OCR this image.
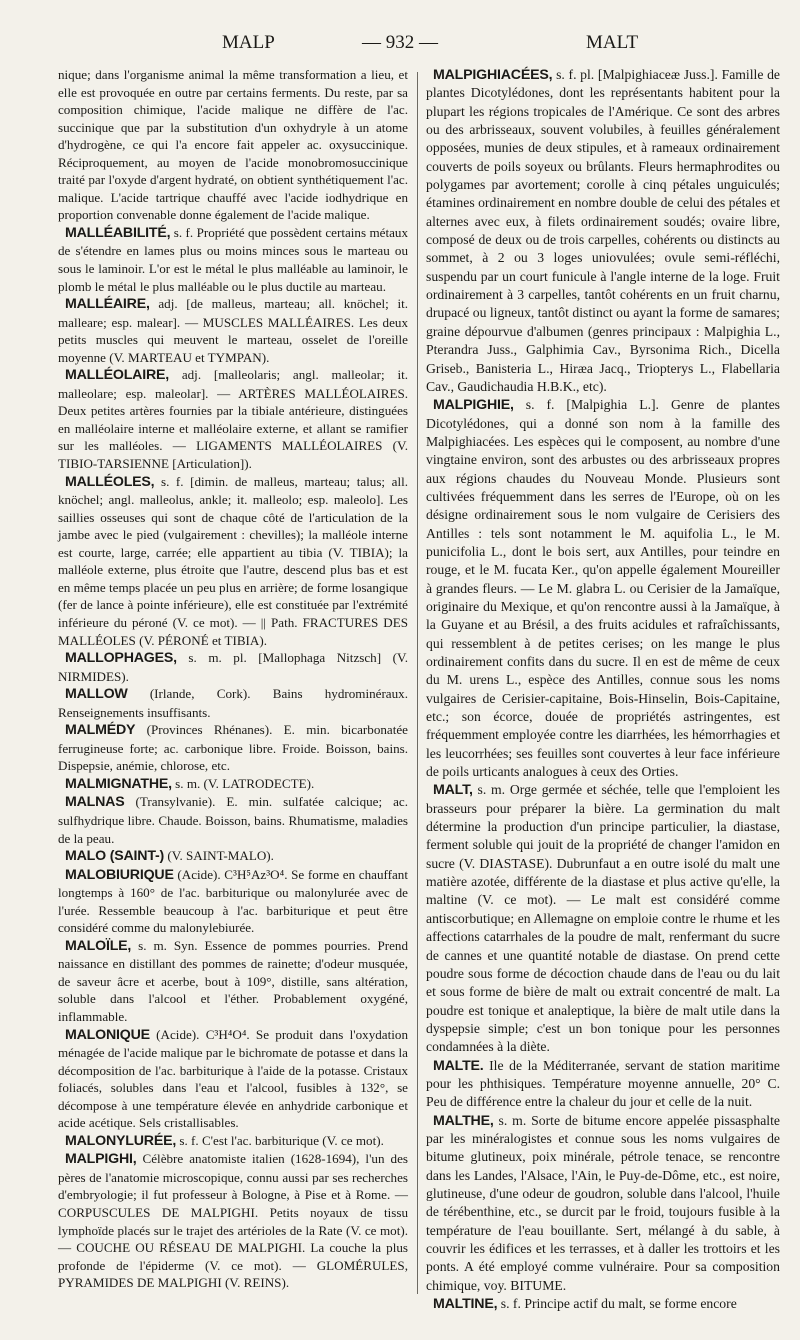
MALP	— 932 —	MALT

nique; dans l'organisme animal la même transformation a lieu, et elle est provoquée en outre par certains ferments. Du reste, par sa composition chimique, l'acide malique ne diffère de l'ac. succinique que par la substitution d'un oxhydryle à un atome d'hydrogène, ce qui l'a encore fait appeler ac. oxysuccinique. Réciproquement, au moyen de l'acide monobromosuccinique traité par l'oxyde d'argent hydraté, on obtient synthétiquement l'ac. malique. L'acide tartrique chauffé avec l'acide iodhydrique en proportion convenable donne également de l'acide malique.

MALLÉABILITÉ, s. f. Propriété que possèdent certains métaux de s'étendre en lames plus ou moins minces sous le marteau ou sous le laminoir. L'or est le métal le plus malléable au laminoir, le plomb le métal le plus malléable ou le plus ductile au marteau.

MALLÉAIRE, adj. [de malleus, marteau; all. knöchel; it. malleare; esp. malear]. — MUSCLES MALLÉAIRES. Les deux petits muscles qui meuvent le marteau, osselet de l'oreille moyenne (V. MARTEAU et TYMPAN).

MALLÉOLAIRE, adj. [malleolaris; angl. malleolar; it. malleolare; esp. maleolar]. — ARTÈRES MALLÉOLAIRES. Deux petites artères fournies par la tibiale antérieure, distinguées en malléolaire interne et malléolaire externe, et allant se ramifier sur les malléoles. — LIGAMENTS MALLÉOLAIRES (V. TIBIO-TARSIENNE [Articulation]).

MALLÉOLES, s. f. [dimin. de malleus, marteau; talus; all. knöchel; angl. malleolus, ankle; it. malleolo; esp. maleolo]. Les saillies osseuses qui sont de chaque côté de l'articulation de la jambe avec le pied (vulgairement : chevilles); la malléole interne est courte, large, carrée; elle appartient au tibia (V. TIBIA); la malléole externe, plus étroite que l'autre, descend plus bas et est en même temps placée un peu plus en arrière; de forme losangique (fer de lance à pointe inférieure), elle est constituée par l'extrémité inférieure du péroné (V. ce mot). — || Path. FRACTURES DES MALLÉOLES (V. PÉRONÉ et TIBIA).

MALLOPHAGES, s. m. pl. [Mallophaga Nitzsch] (V. NIRMIDES).

MALLOW (Irlande, Cork). Bains hydrominéraux. Renseignements insuffisants.

MALMÉDY (Provinces Rhénanes). E. min. bicarbonatée ferrugineuse forte; ac. carbonique libre. Froide. Boisson, bains. Dispepsie, anémie, chlorose, etc.

MALMIGNATHE, s. m. (V. LATRODECTE).

MALNAS (Transylvanie). E. min. sulfatée calcique; ac. sulfhydrique libre. Chaude. Boisson, bains. Rhumatisme, maladies de la peau.

MALO (SAINT-) (V. SAINT-MALO).

MALOBIURIQUE (Acide). C³H⁵Az³O⁴. Se forme en chauffant longtemps à 160° de l'ac. barbiturique ou malonylurée avec de l'urée. Ressemble beaucoup à l'ac. barbiturique et peut être considéré comme du malonylebiurée.

MALOÏLE, s. m. Syn. Essence de pommes pourries. Prend naissance en distillant des pommes de rainette; d'odeur musquée, de saveur âcre et acerbe, bout à 109°, distille, sans altération, soluble dans l'alcool et l'éther. Probablement oxygéné, inflammable.

MALONIQUE (Acide). C³H⁴O⁴. Se produit dans l'oxydation ménagée de l'acide malique par le bichromate de potasse et dans la décomposition de l'ac. barbiturique à l'aide de la potasse. Cristaux foliacés, solubles dans l'eau et l'alcool, fusibles à 132°, se décompose à une température élevée en anhydride carbonique et acide acétique. Sels cristallisables.

MALONYLURÉE, s. f. C'est l'ac. barbiturique (V. ce mot).

MALPIGHI, Célèbre anatomiste italien (1628-1694), l'un des pères de l'anatomie microscopique, connu aussi par ses recherches d'embryologie; il fut professeur à Bologne, à Pise et à Rome. — CORPUSCULES DE MALPIGHI. Petits noyaux de tissu lymphoïde placés sur le trajet des artérioles de la Rate (V. ce mot). — COUCHE OU RÉSEAU DE MALPIGHI. La couche la plus profonde de l'épiderme (V. ce mot). — GLOMÉRULES, PYRAMIDES DE MALPIGHI (V. REINS).

MALPIGHIACÉES, s. f. pl. [Malpighiaceæ Juss.]. Famille de plantes Dicotylédones, dont les représentants habitent pour la plupart les régions tropicales de l'Amérique. Ce sont des arbres ou des arbrisseaux, souvent volubiles, à feuilles généralement opposées, munies de deux stipules, et à rameaux ordinairement couverts de poils soyeux ou brûlants. Fleurs hermaphrodites ou polygames par avortement; corolle à cinq pétales unguiculés; étamines ordinairement en nombre double de celui des pétales et alternes avec eux, à filets ordinairement soudés; ovaire libre, composé de deux ou de trois carpelles, cohérents ou distincts au sommet, à 2 ou 3 loges uniovulées; ovule semi-réfléchi, suspendu par un court funicule à l'angle interne de la loge. Fruit ordinairement à 3 carpelles, tantôt cohérents en un fruit charnu, drupacé ou ligneux, tantôt distinct ou ayant la forme de samares; graine dépourvue d'albumen (genres principaux : Malpighia L., Pterandra Juss., Galphimia Cav., Byrsonima Rich., Dicella Griseb., Banisteria L., Hiræa Jacq., Triopterys L., Flabellaria Cav., Gaudichaudia H.B.K., etc).

MALPIGHIE, s. f. [Malpighia L.]. Genre de plantes Dicotylédones, qui a donné son nom à la famille des Malpighiacées. Les espèces qui le composent, au nombre d'une vingtaine environ, sont des arbustes ou des arbrisseaux propres aux régions chaudes du Nouveau Monde. Plusieurs sont cultivées fréquemment dans les serres de l'Europe, où on les désigne ordinairement sous le nom vulgaire de Cerisiers des Antilles : tels sont notamment le M. aquifolia L., le M. punicifolia L., dont le bois sert, aux Antilles, pour teindre en rouge, et le M. fucata Ker., qu'on appelle également Moureiller à grandes fleurs. — Le M. glabra L. ou Cerisier de la Jamaïque, originaire du Mexique, et qu'on rencontre aussi à la Jamaïque, à la Guyane et au Brésil, a des fruits acidules et rafraîchissants, qui ressemblent à de petites cerises; on les mange le plus ordinairement confits dans du sucre. Il en est de même de ceux du M. urens L., espèce des Antilles, connue sous les noms vulgaires de Cerisier-capitaine, Bois-Hinselin, Bois-Capitaine, etc.; son écorce, douée de propriétés astringentes, est fréquemment employée contre les diarrhées, les hémorrhagies et les leucorrhées; ses feuilles sont couvertes à leur face inférieure de poils urticants analogues à ceux des Orties.

MALT, s. m. Orge germée et séchée, telle que l'emploient les brasseurs pour préparer la bière. La germination du malt détermine la production d'un principe particulier, la diastase, ferment soluble qui jouit de la propriété de changer l'amidon en sucre (V. DIASTASE). Dubrunfaut a en outre isolé du malt une matière azotée, différente de la diastase et plus active qu'elle, la maltine (V. ce mot). — Le malt est considéré comme antiscorbutique; en Allemagne on emploie contre le rhume et les affections catarrhales de la poudre de malt, renfermant du sucre de cannes et une quantité notable de diastase. On prend cette poudre sous forme de décoction chaude dans de l'eau ou du lait et sous forme de bière de malt ou extrait concentré de malt. La poudre est tonique et analeptique, la bière de malt utile dans la dyspepsie simple; c'est un bon tonique pour les personnes condamnées à la diète.

MALTE. Ile de la Méditerranée, servant de station maritime pour les phthisiques. Température moyenne annuelle, 20° C. Peu de différence entre la chaleur du jour et celle de la nuit.

MALTHE, s. m. Sorte de bitume encore appelée pissasphalte par les minéralogistes et connue sous les noms vulgaires de bitume glutineux, poix minérale, pétrole tenace, se rencontre dans les Landes, l'Alsace, l'Ain, le Puy-de-Dôme, etc., est noire, glutineuse, d'une odeur de goudron, soluble dans l'alcool, l'huile de térébenthine, etc., se durcit par le froid, toujours fusible à la température de l'eau bouillante. Sert, mélangé à du sable, à couvrir les édifices et les terrasses, et à daller les trottoirs et les ponts. A été employé comme vulnéraire. Pour sa composition chimique, voy. BITUME.

MALTINE, s. f. Principe actif du malt, se forme encore
